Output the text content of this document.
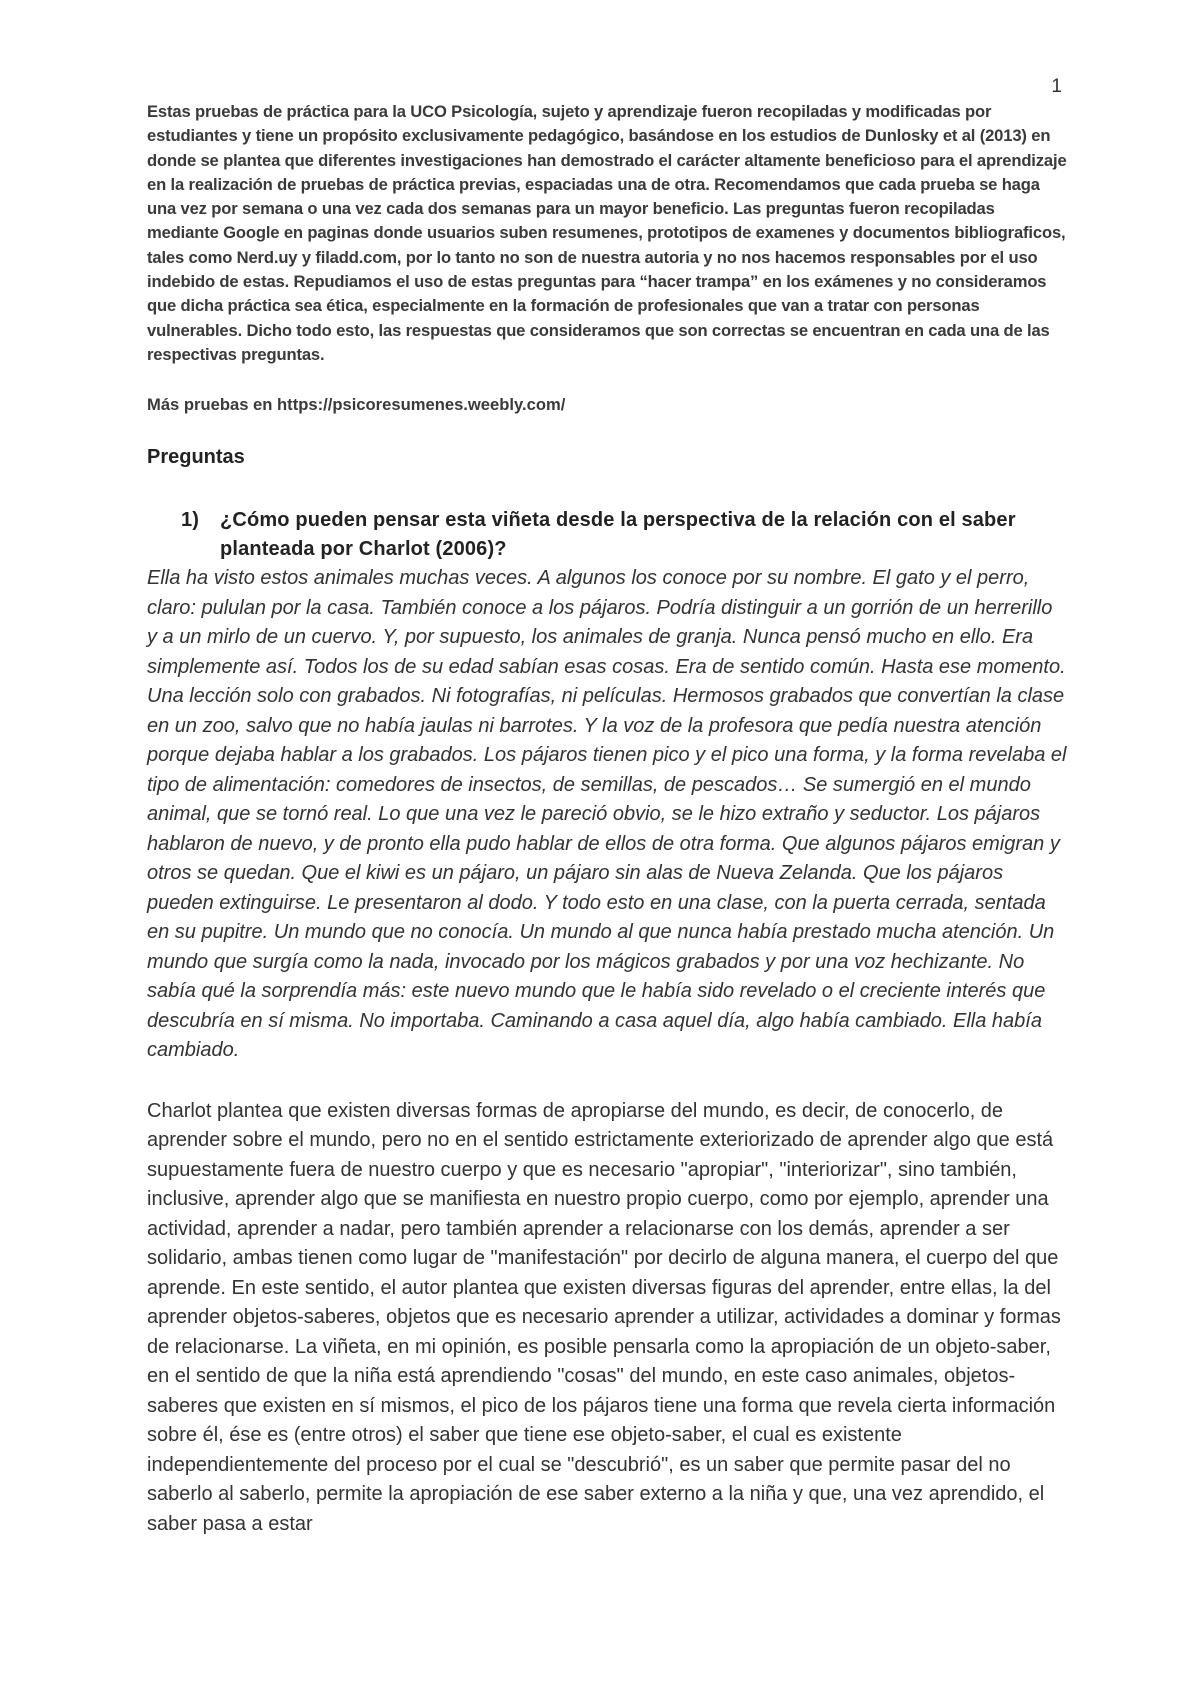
1

Estas pruebas de práctica para la UCO Psicología, sujeto y aprendizaje fueron recopiladas y modificadas por estudiantes y tiene un propósito exclusivamente pedagógico, basándose en los estudios de Dunlosky et al (2013) en donde se plantea que diferentes investigaciones han demostrado el carácter altamente beneficioso para el aprendizaje en la realización de pruebas de práctica previas, espaciadas una de otra. Recomendamos que cada prueba se haga una vez por semana o una vez cada dos semanas para un mayor beneficio. Las preguntas fueron recopiladas mediante Google en paginas donde usuarios suben resumenes, prototipos de examenes y documentos bibliograficos, tales como Nerd.uy y filadd.com, por lo tanto no son de nuestra autoria y no nos hacemos responsables por el uso indebido de estas. Repudiamos el uso de estas preguntas para “hacer trampa” en los exámenes y no consideramos que dicha práctica sea ética, especialmente en la formación de profesionales que van a tratar con personas vulnerables. Dicho todo esto, las respuestas que consideramos que son correctas se encuentran en cada una de las respectivas preguntas.

Más pruebas en https://psicoresumenes.weebly.com/

Preguntas
1)	¿Cómo pueden pensar esta viñeta desde la perspectiva de la relación con el saber planteada por Charlot (2006)?

Ella ha visto estos animales muchas veces. A algunos los conoce por su nombre. El gato y el perro, claro: pululan por la casa. También conoce a los pájaros. Podría distinguir a un gorrión de un herrerillo y a un mirlo de un cuervo. Y, por supuesto, los animales de granja. Nunca pensó mucho en ello. Era simplemente así. Todos los de su edad sabían esas cosas. Era de sentido común. Hasta ese momento. Una lección solo con grabados. Ni fotografías, ni películas. Hermosos grabados que convertían la clase en un zoo, salvo que no había jaulas ni barrotes. Y la voz de la profesora que pedía nuestra atención porque dejaba hablar a los grabados. Los pájaros tienen pico y el pico una forma, y la forma revelaba el tipo de alimentación: comedores de insectos, de semillas, de pescados… Se sumergió en el mundo animal, que se tornó real. Lo que una vez le pareció obvio, se le hizo extraño y seductor. Los pájaros hablaron de nuevo, y de pronto ella pudo hablar de ellos de otra forma. Que algunos pájaros emigran y otros se quedan. Que el kiwi es un pájaro, un pájaro sin alas de Nueva Zelanda. Que los pájaros pueden extinguirse. Le presentaron al dodo. Y todo esto en una clase, con la puerta cerrada, sentada en su pupitre. Un mundo que no conocía. Un mundo al que nunca había prestado mucha atención. Un mundo que surgía como la nada, invocado por los mágicos grabados y por una voz hechizante. No sabía qué la sorprendía más: este nuevo mundo que le había sido revelado o el creciente interés que descubría en sí misma. No importaba. Caminando a casa aquel día, algo había cambiado. Ella había cambiado.

Charlot plantea que existen diversas formas de apropiarse del mundo, es decir, de conocerlo, de aprender sobre el mundo, pero no en el sentido estrictamente exteriorizado de aprender algo que está supuestamente fuera de nuestro cuerpo y que es necesario "apropiar", "interiorizar", sino también, inclusive, aprender algo que se manifiesta en nuestro propio cuerpo, como por ejemplo, aprender una actividad, aprender a nadar, pero también aprender a relacionarse con los demás, aprender a ser solidario, ambas tienen como lugar de "manifestación" por decirlo de alguna manera, el cuerpo del que aprende. En este sentido, el autor plantea que existen diversas figuras del aprender, entre ellas, la del aprender objetos-saberes, objetos que es necesario aprender a utilizar, actividades a dominar y formas de relacionarse. La viñeta, en mi opinión, es posible pensarla como la apropiación de un objeto-saber, en el sentido de que la niña está aprendiendo "cosas" del mundo, en este caso animales, objetos-saberes que existen en sí mismos, el pico de los pájaros tiene una forma que revela cierta información sobre él, ése es (entre otros) el saber que tiene ese objeto-saber, el cual es existente independientemente del proceso por el cual se "descubrió", es un saber que permite pasar del no saberlo al saberlo, permite la apropiación de ese saber externo a la niña y que, una vez aprendido, el saber pasa a estar
